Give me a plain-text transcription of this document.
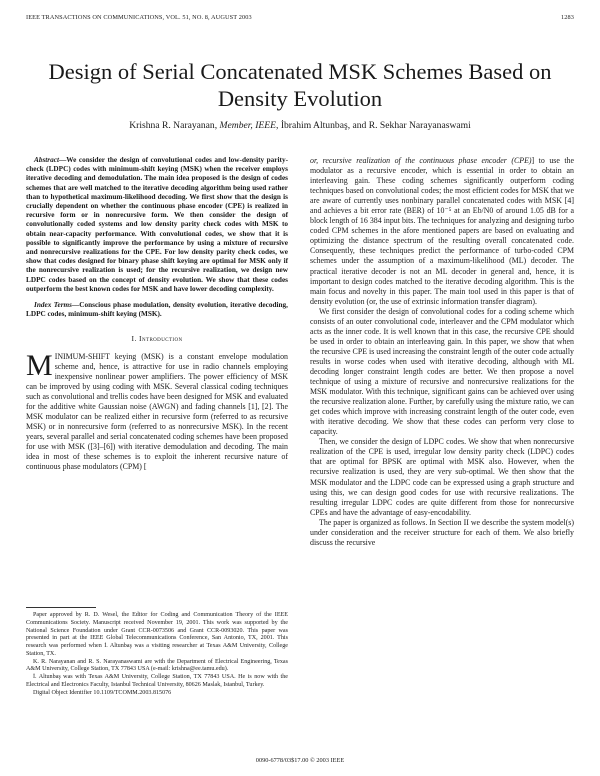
IEEE TRANSACTIONS ON COMMUNICATIONS, VOL. 51, NO. 8, AUGUST 2003	1283
Design of Serial Concatenated MSK Schemes Based on Density Evolution
Krishna R. Narayanan, Member, IEEE, İbrahim Altunbaş, and R. Sekhar Narayanaswami

Abstract—We consider the design of convolutional codes and low-density parity-check (LDPC) codes with minimum-shift keying (MSK) when the receiver employs iterative decoding and demodulation. The main idea proposed is the design of codes schemes that are well matched to the iterative decoding algorithm being used rather than to hypothetical maximum-likelihood decoding. We first show that the design is crucially dependent on whether the continuous phase encoder (CPE) is realized in recursive form or in nonrecursive form. We then consider the design of convolutionally coded systems and low density parity check codes with MSK to obtain near-capacity performance. With convolutional codes, we show that it is possible to significantly improve the performance by using a mixture of recursive and nonrecursive realizations for the CPE. For low density parity check codes, we show that codes designed for binary phase shift keying are optimal for MSK only if the nonrecursive realization is used; for the recursive realization, we design new LDPC codes based on the concept of density evolution. We show that these codes outperform the best known codes for MSK and have lower decoding complexity.

Index Terms—Conscious phase modulation, density evolution, iterative decoding, LDPC codes, minimum-shift keying (MSK).

I. Introduction

MINIMUM-SHIFT keying (MSK) is a constant envelope modulation scheme and, hence, is attractive for use in radio channels employing inexpensive nonlinear power amplifiers. The power efficiency of MSK can be improved by using coding with MSK. Several classical coding techniques such as convolutional and trellis codes have been designed for MSK and evaluated for the additive white Gaussian noise (AWGN) and fading channels [1], [2]. The MSK modulator can be realized either in recursive form (referred to as recursive MSK) or in nonrecursive form (referred to as nonrecursive MSK). In the recent years, several parallel and serial concatenated coding schemes have been proposed for use with MSK ([3]–[6]) with iterative demodulation and decoding. The main idea in most of these schemes is to exploit the inherent recursive nature of continuous phase modulators (CPM) [

or, recursive realization of the continuous phase encoder (CPE)] to use the modulator as a recursive encoder, which is essential in order to obtain an interleaving gain. These coding schemes significantly outperform coding techniques based on convolutional codes; the most efficient codes for MSK that we are aware of currently uses nonbinary parallel concatenated codes with MSK [4] and achieves a bit error rate (BER) of 10⁻⁵ at an Eb/N0 of around 1.05 dB for a block length of 16 384 input bits. The techniques for analyzing and designing turbo coded CPM schemes in the afore mentioned papers are based on evaluating and optimizing the distance spectrum of the resulting overall concatenated code. Consequently, these techniques predict the performance of turbo-coded CPM schemes under the assumption of a maximum-likelihood (ML) decoder. The practical iterative decoder is not an ML decoder in general and, hence, it is important to design codes matched to the iterative decoding algorithm. This is the main focus and novelty in this paper. The main tool used in this paper is that of density evolution (or, the use of extrinsic information transfer diagram).

We first consider the design of convolutional codes for a coding scheme which consists of an outer convolutional code, interleaver and the CPM modulator which acts as the inner code. It is well known that in this case, the recursive CPE should be used in order to obtain an interleaving gain. In this paper, we show that when the recursive CPE is used increasing the constraint length of the outer code actually results in worse codes when used with iterative decoding, although with ML decoding longer constraint length codes are better. We then propose a novel technique of using a mixture of recursive and nonrecursive realizations for the MSK modulator. With this technique, significant gains can be achieved over using the recursive realization alone. Further, by carefully using the mixture ratio, we can get codes which improve with increasing constraint length of the outer code, even with iterative decoding. We show that these codes can perform very close to capacity.

Then, we consider the design of LDPC codes. We show that when nonrecursive realization of the CPE is used, irregular low density parity check (LDPC) codes that are optimal for BPSK are optimal with MSK also. However, when the recursive realization is used, they are very sub-optimal. We then show that the MSK modulator and the LDPC code can be expressed using a graph structure and using this, we can design good codes for use with recursive realizations. The resulting irregular LDPC codes are quite different from those for nonrecursive CPEs and have the advantage of easy-encodability.

The paper is organized as follows. In Section II we describe the system model(s) under consideration and the receiver structure for each of them. We also briefly discuss the recursive

Paper approved by R. D. Wesel, the Editor for Coding and Communication Theory of the IEEE Communications Society. Manuscript received November 19, 2001. This work was supported by the National Science Foundation under Grant CCR-0073506 and Grant CCR-0093020. This paper was presented in part at the IEEE Global Telecommunications Conference, San Antonio, TX, 2001. This research was performed when İ. Altunbaş was a visiting researcher at Texas A&M University, College Station, TX.

K. R. Narayanan and R. S. Narayanaswami are with the Department of Electrical Engineering, Texas A&M University, College Station, TX 77843 USA (e-mail: krishna@ee.tamu.edu).

İ. Altunbaş was with Texas A&M University, College Station, TX 77843 USA. He is now with the Electrical and Electronics Faculty, Istanbul Technical University, 80626 Maslak, Istanbul, Turkey.

Digital Object Identifier 10.1109/TCOMM.2003.815076

0090-6778/03$17.00 © 2003 IEEE
